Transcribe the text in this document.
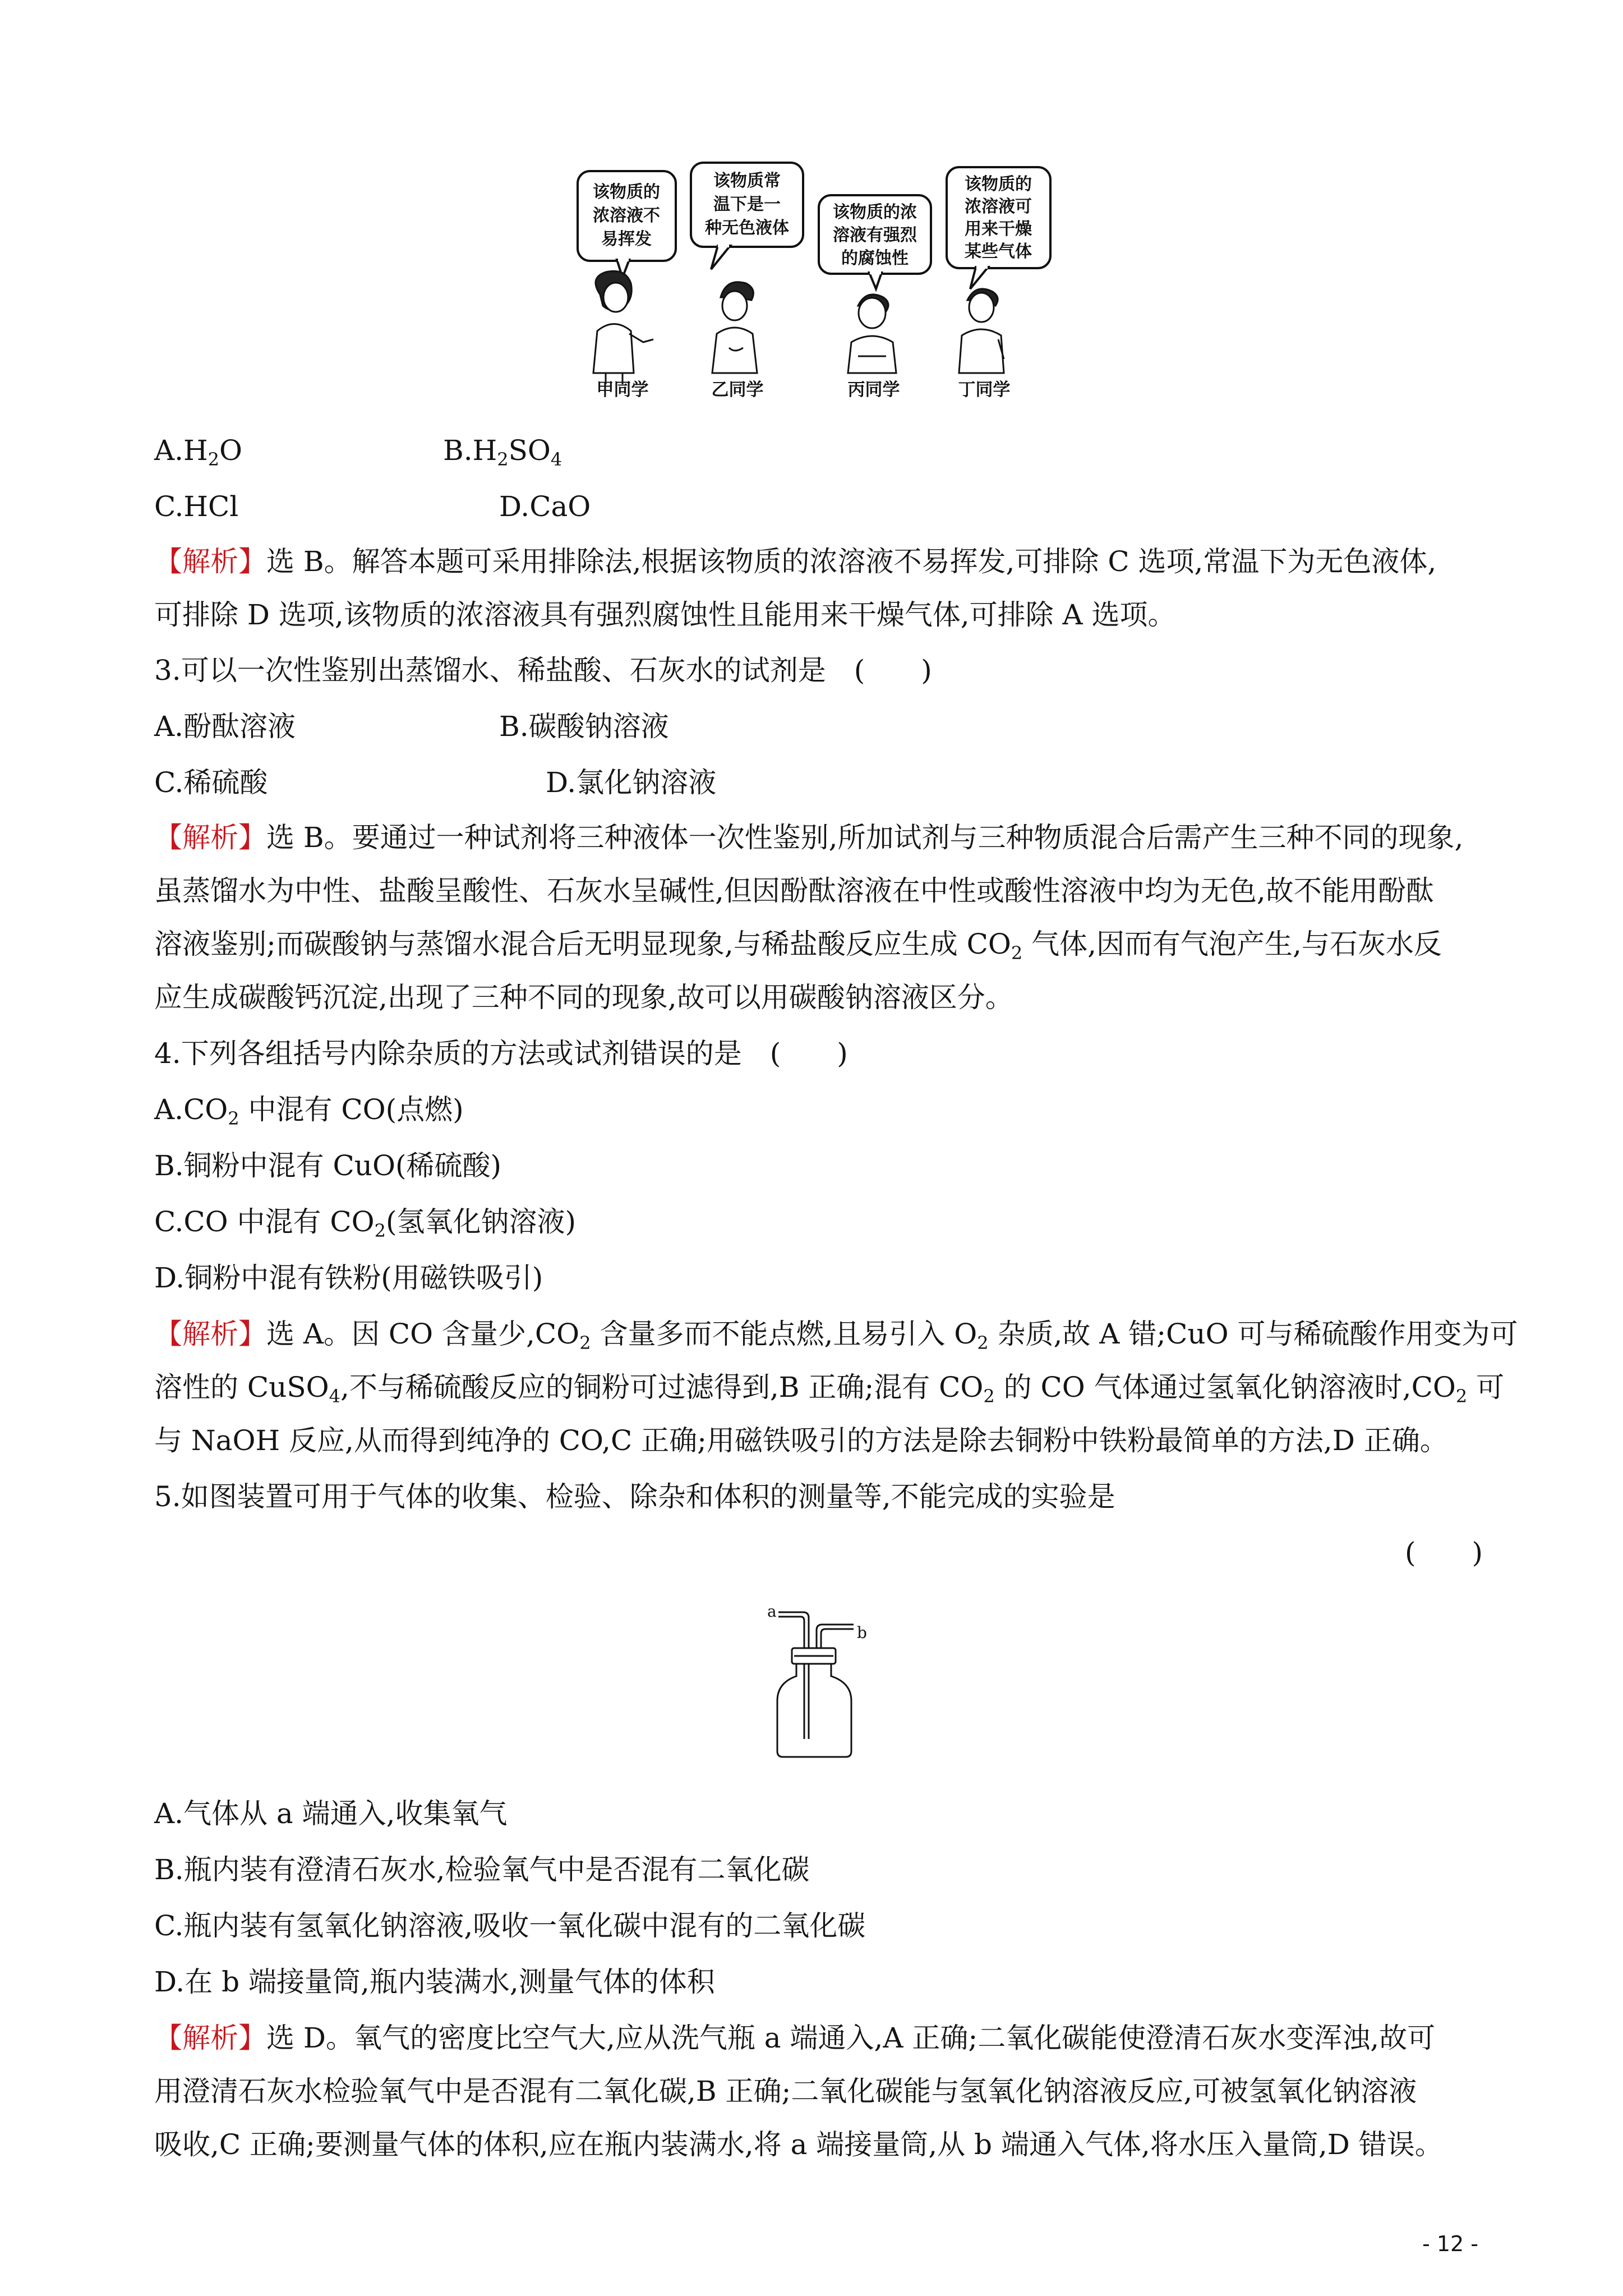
该物质的
浓溶液不
易挥发
该物质常
温下是一
种无色液体
该物质的浓
溶液有强烈
的腐蚀性
该物质的
浓溶液可
用来干燥
某些气体
甲同学	乙同学	丙同学	丁同学
$A.H_2O$	$B.H_2SO_4$
C.HCl	D.CaO
【解析】选 B。解答本题可采用排除法,根据该物质的浓溶液不易挥发,可排除 C 选项,常温下为无色液体,
可排除 D 选项,该物质的浓溶液具有强烈腐蚀性且能用来干燥气体,可排除 A 选项。
3.可以一次性鉴别出蒸馏水、稀盐酸、石灰水的试剂是　(　　)
A.酚酞溶液	B.碳酸钠溶液
C.稀硫酸	D.氯化钠溶液
【解析】选 B。要通过一种试剂将三种液体一次性鉴别,所加试剂与三种物质混合后需产生三种不同的现象,
虽蒸馏水为中性、盐酸呈酸性、石灰水呈碱性,但因酚酞溶液在中性或酸性溶液中均为无色,故不能用酚酞
溶液鉴别;而碳酸钠与蒸馏水混合后无明显现象,与稀盐酸反应生成 $CO_2$ 气体,因而有气泡产生,与石灰水反
应生成碳酸钙沉淀,出现了三种不同的现象,故可以用碳酸钠溶液区分。
4.下列各组括号内除杂质的方法或试剂错误的是　(　　)
$A.CO_2$ 中混有 CO(点燃)
B.铜粉中混有 CuO(稀硫酸)
C.CO 中混有 $CO_2$(氢氧化钠溶液)
D.铜粉中混有铁粉(用磁铁吸引)
【解析】选 A。因 CO 含量少$,CO_2$ 含量多而不能点燃,且易引入 $O_2$ 杂质,故 A 错;CuO 可与稀硫酸作用变为可
溶性的 CuSO$_4$,不与稀硫酸反应的铜粉可过滤得到,B 正确;混有 $CO_2$ 的 CO 气体通过氢氧化钠溶液时$,CO_2$ 可
与 NaOH 反应,从而得到纯净的 CO,C 正确;用磁铁吸引的方法是除去铜粉中铁粉最简单的方法,D 正确。
5.如图装置可用于气体的收集、检验、除杂和体积的测量等,不能完成的实验是
(　　)
a
b
A.气体从 a 端通入,收集氧气
B.瓶内装有澄清石灰水,检验氧气中是否混有二氧化碳
C.瓶内装有氢氧化钠溶液,吸收一氧化碳中混有的二氧化碳
D.在 b 端接量筒,瓶内装满水,测量气体的体积
【解析】选 D。氧气的密度比空气大,应从洗气瓶 a 端通入,A 正确;二氧化碳能使澄清石灰水变浑浊,故可
用澄清石灰水检验氧气中是否混有二氧化碳,B 正确;二氧化碳能与氢氧化钠溶液反应,可被氢氧化钠溶液
吸收,C 正确;要测量气体的体积,应在瓶内装满水,将 a 端接量筒,从 b 端通入气体,将水压入量筒,D 错误。
- 12 -
